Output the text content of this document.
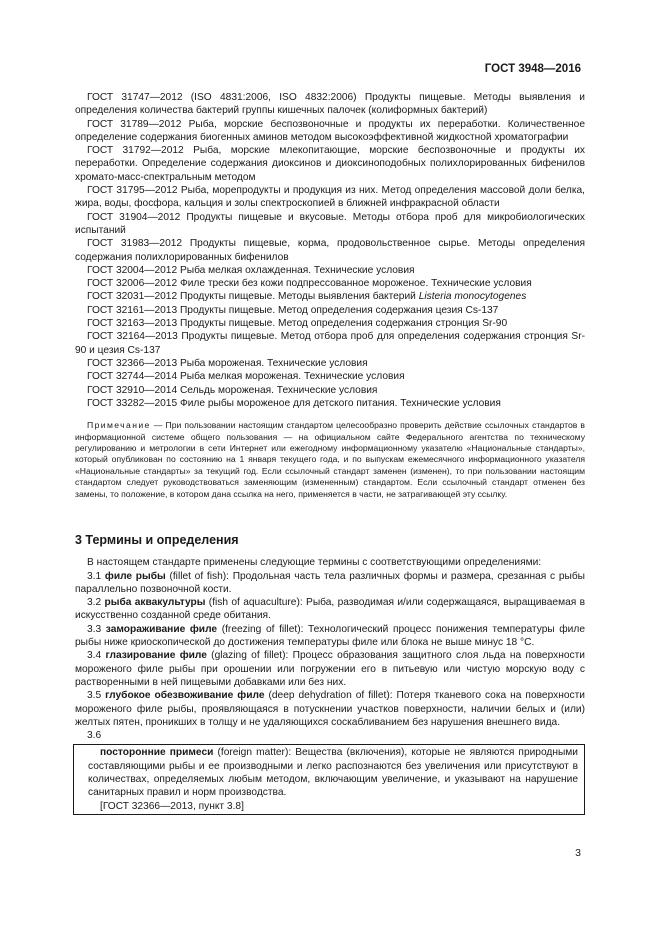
ГОСТ 3948—2016

ГОСТ 31747—2012 (ISO 4831:2006, ISO 4832:2006) Продукты пищевые. Методы выявления и определения количества бактерий группы кишечных палочек (колиформных бактерий)

ГОСТ 31789—2012 Рыба, морские беспозвоночные и продукты их переработки. Количественное определение содержания биогенных аминов методом высокоэффективной жидкостной хроматографии

ГОСТ 31792—2012 Рыба, морские млекопитающие, морские беспозвоночные и продукты их переработки. Определение содержания диоксинов и диоксиноподобных полихлорированных бифенилов хромато-масс-спектральным методом

ГОСТ 31795—2012 Рыба, морепродукты и продукция из них. Метод определения массовой доли белка, жира, воды, фосфора, кальция и золы спектроскопией в ближней инфракрасной области

ГОСТ 31904—2012 Продукты пищевые и вкусовые. Методы отбора проб для микробиологических испытаний

ГОСТ 31983—2012 Продукты пищевые, корма, продовольственное сырье. Методы определения содержания полихлорированных бифенилов

ГОСТ 32004—2012 Рыба мелкая охлажденная. Технические условия

ГОСТ 32006—2012 Филе трески без кожи подпрессованное мороженое. Технические условия

ГОСТ 32031—2012 Продукты пищевые. Методы выявления бактерий Listeria monocytogenes

ГОСТ 32161—2013 Продукты пищевые. Метод определения содержания цезия Cs-137

ГОСТ 32163—2013 Продукты пищевые. Метод определения содержания стронция Sr-90

ГОСТ 32164—2013 Продукты пищевые. Метод отбора проб для определения содержания стронция Sr-90 и цезия Cs-137

ГОСТ 32366—2013 Рыба мороженая. Технические условия

ГОСТ 32744—2014 Рыба мелкая мороженая. Технические условия

ГОСТ 32910—2014 Сельдь мороженая. Технические условия

ГОСТ 33282—2015 Филе рыбы мороженое для детского питания. Технические условия

Примечание — При пользовании настоящим стандартом целесообразно проверить действие ссылочных стандартов в информационной системе общего пользования — на официальном сайте Федерального агентства по техническому регулированию и метрологии в сети Интернет или ежегодному информационному указателю «Национальные стандарты», который опубликован по состоянию на 1 января текущего года, и по выпускам ежемесячного информационного указателя «Национальные стандарты» за текущий год. Если ссылочный стандарт заменен (изменен), то при пользовании настоящим стандартом следует руководствоваться заменяющим (измененным) стандартом. Если ссылочный стандарт отменен без замены, то положение, в котором дана ссылка на него, применяется в части, не затрагивающей эту ссылку.

3 Термины и определения

В настоящем стандарте применены следующие термины с соответствующими определениями:

3.1 филе рыбы (fillet of fish): Продольная часть тела различных формы и размера, срезанная с рыбы параллельно позвоночной кости.

3.2 рыба аквакультуры (fish of aquaculture): Рыба, разводимая и/или содержащаяся, выращиваемая в искусственно созданной среде обитания.

3.3 замораживание филе (freezing of fillet): Технологический процесс понижения температуры филе рыбы ниже криоскопической до достижения температуры филе или блока не выше минус 18 °С.

3.4 глазирование филе (glazing of fillet): Процесс образования защитного слоя льда на поверхности мороженого филе рыбы при орошении или погружении его в питьевую или чистую морскую воду с растворенными в ней пищевыми добавками или без них.

3.5 глубокое обезвоживание филе (deep dehydration of fillet): Потеря тканевого сока на поверхности мороженого филе рыбы, проявляющаяся в потускнении участков поверхности, наличии белых и (или) желтых пятен, проникших в толщу и не удаляющихся соскабливанием без нарушения внешнего вида.

3.6

посторонние примеси (foreign matter): Вещества (включения), которые не являются природными составляющими рыбы и ее производными и легко распознаются без увеличения или присутствуют в количествах, определяемых любым методом, включающим увеличение, и указывают на нарушение санитарных правил и норм производства.

[ГОСТ 32366—2013, пункт 3.8]

3
